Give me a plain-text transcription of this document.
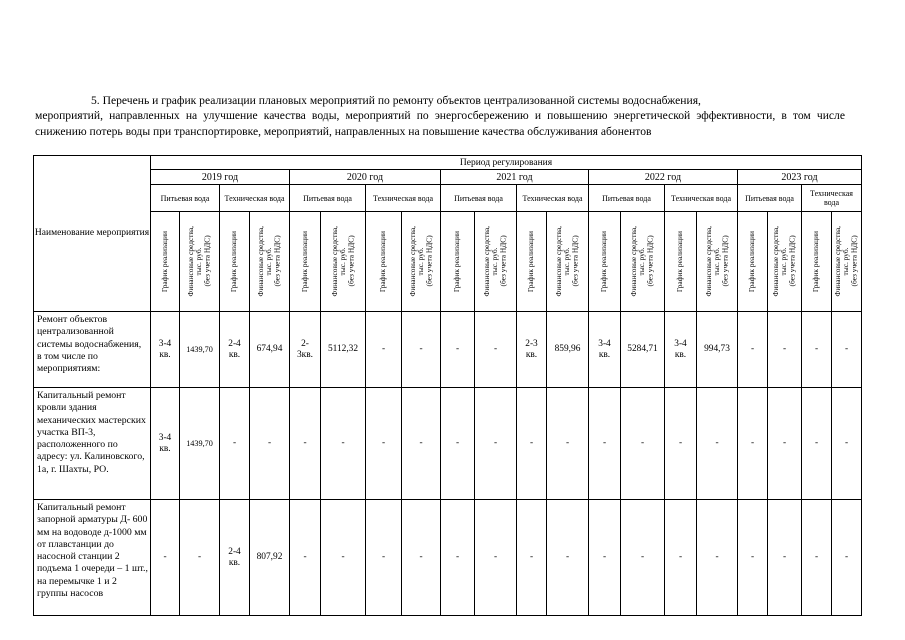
5. Перечень и график реализации плановых мероприятий по ремонту объектов централизованной системы водоснабжения,
мероприятий, направленных на улучшение качества воды, мероприятий по энергосбережению и повышению энергетической эффективности, в том числе снижению потерь воды при транспортировке, мероприятий, направленных на повышение качества обслуживания абонентов
Наименование мероприятия	Период регулирования																			
	2019 год				2020 год				2021 год				2022 год				2023 год			
	Питьевая вода		Техническая вода		Питьевая вода		Техническая вода		Питьевая вода		Техническая вода		Питьевая вода		Техническая вода		Питьевая вода		Техническая вода	

	График реализации	Финансовые средства,
тыс. руб.
(без учета НДС)	График реализации	Финансовые средства,
тыс. руб.
(без учета НДС)	График реализации	Финансовые средства,
тыс. руб.
(без учета НДС)	График реализации	Финансовые средства,
тыс. руб.
(без учета НДС)	График реализации	Финансовые средства,
тыс. руб.
(без учета НДС)	График реализации	Финансовые средства,
тыс. руб.
(без учета НДС)	График реализации	Финансовые средства,
тыс. руб.
(без учета НДС)	График реализации	Финансовые средства,
тыс. руб.
(без учета НДС)	График реализации	Финансовые средства,
тыс. руб.
(без учета НДС)	График реализации	Финансовые средства,
тыс. руб.
(без учета НДС)

Ремонт объектов централизованной системы водоснабжения, в том числе по мероприятиям:	3-4
кв.	1439,70	2-4
кв.	674,94	2-
3кв.	5112,32	-	-	-	-	2-3
кв.	859,96	3-4
кв.	5284,71	3-4
кв.	994,73	-	-	-	-
Капитальный ремонт кровли здания механических мастерских участка ВП-3, расположенного по адресу: ул. Калиновского, 1а, г. Шахты, РО.	3-4
кв.	1439,70	-	-	-	-	-	-	-	-	-	-	-	-	-	-	-	-	-	-
Капитальный ремонт запорной арматуры Д- 600 мм на водоводе д-1000 мм от плавстанции до насосной станции 2 подъема 1 очереди – 1 шт., на перемычке 1 и 2 группы насосов	-	-	2-4
кв.	807,92	-	-	-	-	-	-	-	-	-	-	-	-	-	-	-	-
